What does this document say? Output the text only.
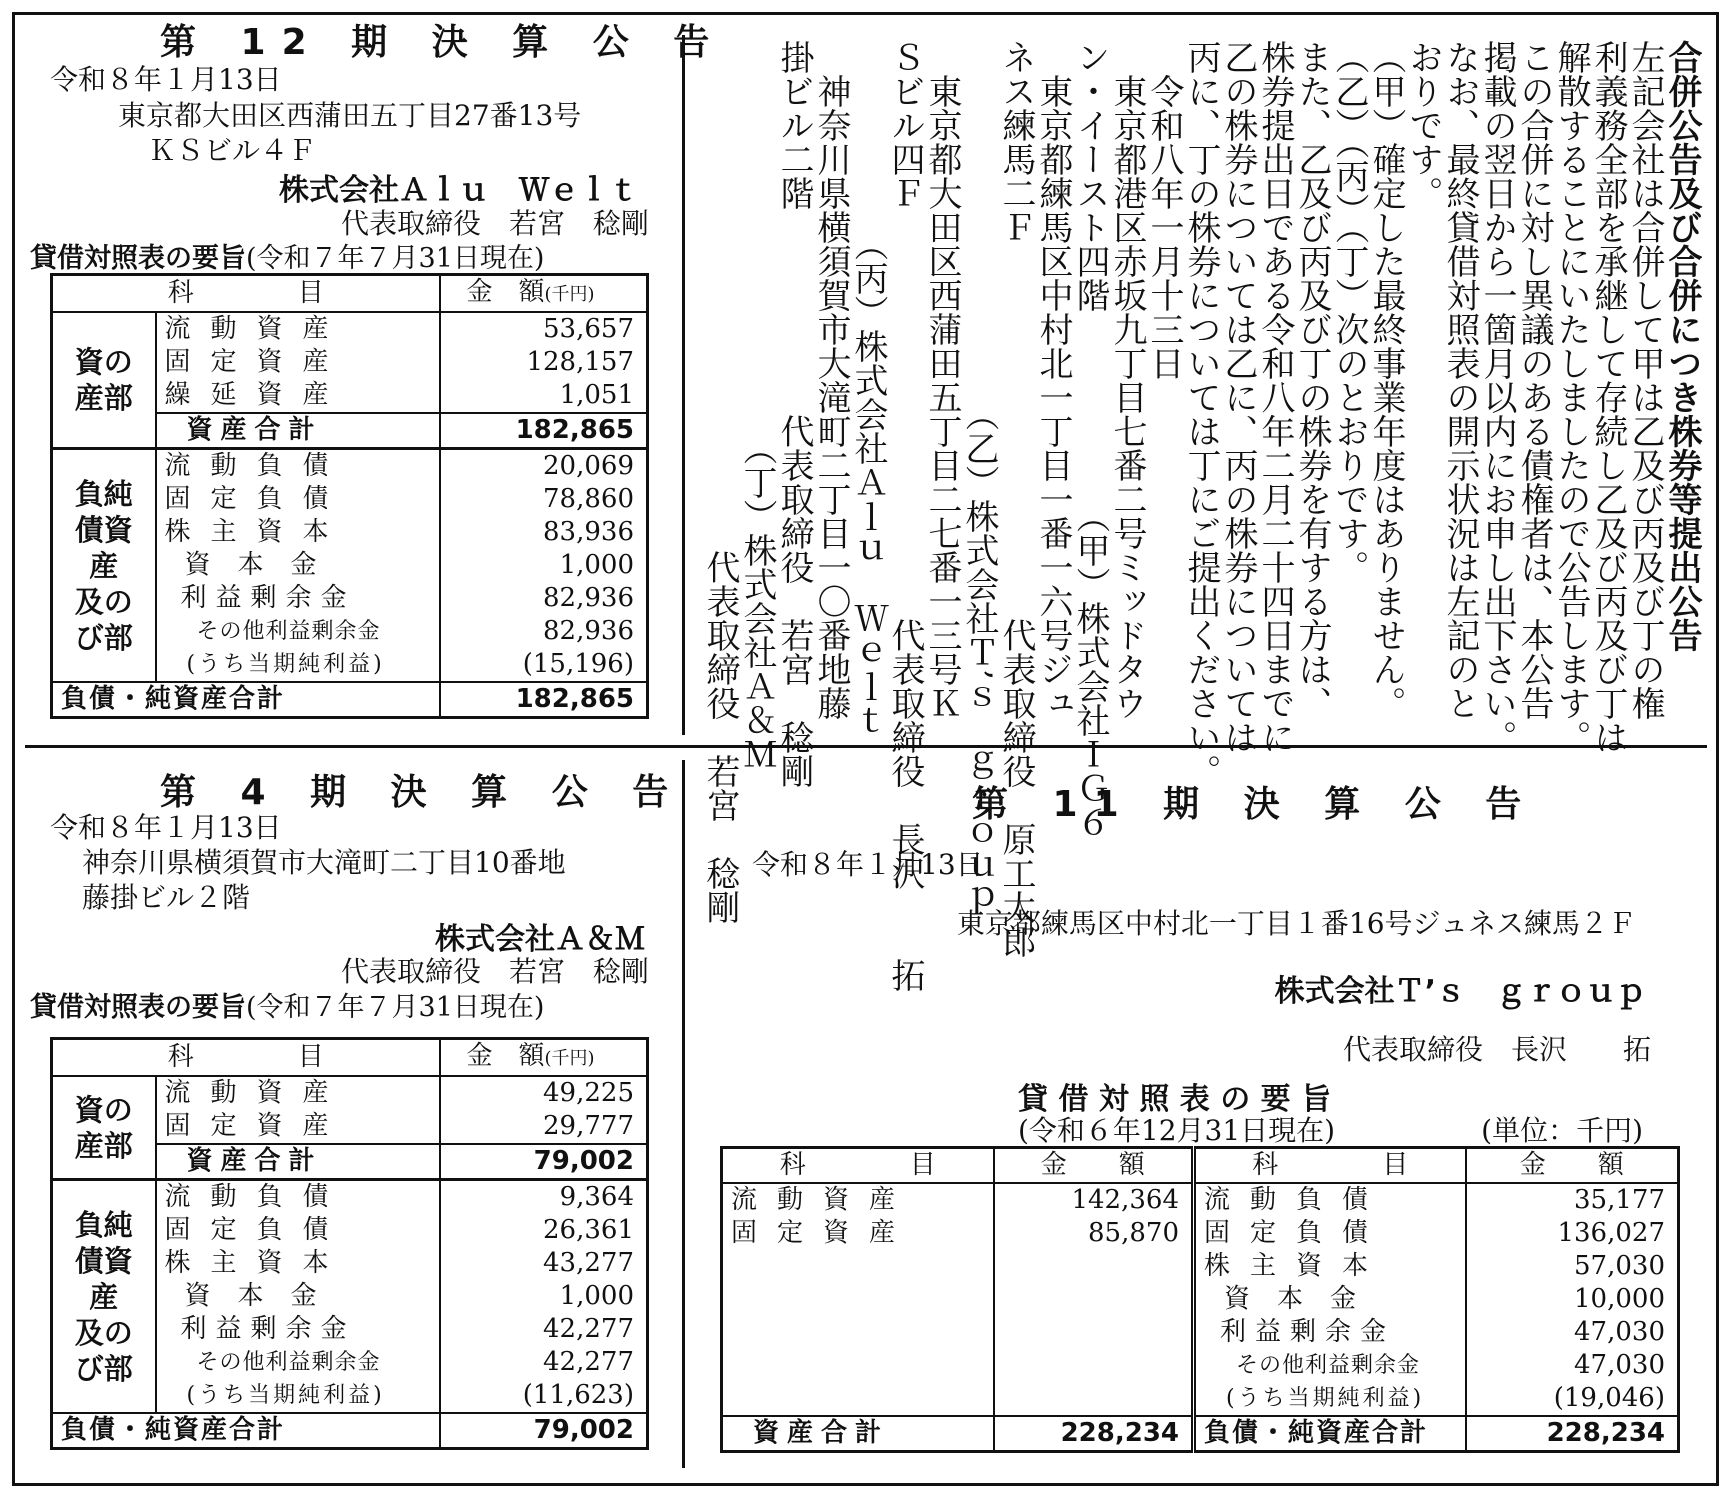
第 12 期 決 算 公 告
令和８年１月13日
東京都大田区西蒲田五丁目27番13号
ＫＳビル４Ｆ
株式会社Ａｌｕ　Ｗｅｌｔ
代表取締役　若宮　稔剛
貸借対照表の要旨(令和７年７月31日現在)
科　　　　目		金　額(千円)
資の
産部	流動資産	53,657
	固定資産	128,157
	繰延資産	1,051
	資産合計	182,865
負純
債資
産
及の
び部	流動負債	20,069
	固定負債	78,860
	株主資本	83,936
	資本金	1,000
	利益剰余金	82,936
	その他利益剰余金	82,936
	(うち当期純利益)	(15,196)
負債・純資産合計		182,865
第 4 期 決 算 公 告
令和８年１月13日
神奈川県横須賀市大滝町二丁目10番地
藤掛ビル２階
株式会社Ａ＆Ｍ
代表取締役　若宮　稔剛
貸借対照表の要旨(令和７年７月31日現在)
科　　　　目		金　額(千円)
資の
産部	流動資産	49,225
	固定資産	29,777
	資産合計	79,002
負純
債資
産
及の
び部	流動負債	9,364
	固定負債	26,361
	株主資本	43,277
	資本金	1,000
	利益剰余金	42,277
	その他利益剰余金	42,277
	(うち当期純利益)	(11,623)
負債・純資産合計		79,002
第 11 期 決 算 公 告
令和８年１月13日
東京都練馬区中村北一丁目１番16号ジュネス練馬２Ｆ
株式会社Ｔ’ｓ　ｇｒｏｕｐ
代表取締役　長沢　　拓
貸 借 対 照 表 の 要 旨
(令和６年12月31日現在)	(単位：千円)
科　　　　目	金　　額	科　　　　目	金　　額
流動資産	142,364	流動負債	35,177
固定資産	85,870	固定負債	136,027
		株主資本	57,030
		資本金	10,000
		利益剰余金	47,030
		その他利益剰余金	47,030
		(うち当期純利益)	(19,046)
資産合計	228,234	負債・純資産合計	228,234
合併公告及び合併につき株券等提出公告
左記会社は合併して甲は乙及び丙及び丁の権
利義務全部を承継して存続し乙及び丙及び丁は
解散することにいたしましたので公告します。
この合併に対し異議のある債権者は、本公告
掲載の翌日から一箇月以内にお申し出下さい。
なお、最終貸借対照表の開示状況は左記のと
おりです。
（甲）確定した最終事業年度はありません。
（乙）（丙）（丁）次のとおりです。
また、乙及び丙及び丁の株券を有する方は、
株券提出日である令和八年二月二十四日までに
乙の株券については乙に、丙の株券については
丙に、丁の株券については丁にご提出ください。
　令和八年一月十三日
　東京都港区赤坂九丁目七番二号ミッドタウ
ン・イースト四階　　　　　　（甲）株式会社ＩＧ６
　東京都練馬区中村北一丁目一番一六号ジュ
ネス練馬二Ｆ　　　　　　　　　　　代表取締役　原工太郎
　　　　　　　　　　　（乙）株式会社Ｔ’ｓ　ｇｒｏｕｐ
　東京都大田区西蒲田五丁目二七番一三号Ｋ
Ｓビル四Ｆ　　　　　　　　　　　　代表取締役　長沢　　拓
　　　　　　（丙）株式会社Ａｌｕ　Ｗｅｌｔ
　神奈川県横須賀市大滝町二丁目一〇番地藤
掛ビル二階　　　　　　代表取締役　若宮　稔剛
　　　　　　　　　　　　（丁）株式会社Ａ＆Ｍ
　　　　　　　　　　　　　　　代表取締役　若宮　稔剛
